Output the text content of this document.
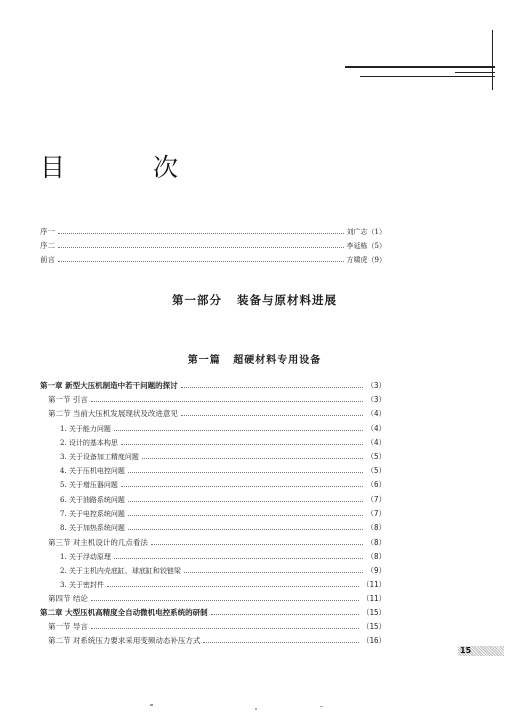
目 次
序一	刘广志（1）
序二	李延栋（5）
前言	方啸虎（9）
第一部分 装备与原材料进展
第一篇 超硬材料专用设备
第一章 新型大压机制造中若干问题的探讨	（3）
第一节 引言	（3）
第二节 当前大压机发展现状及改进意见	（4）
1. 关于能力问题	（4）
2. 设计的基本构思	（4）
3. 关于设备加工精度问题	（5）
4. 关于压机电控问题	（5）
5. 关于增压器问题	（6）
6. 关于油路系统问题	（7）
7. 关于电控系统问题	（7）
8. 关于加热系统问题	（8）
第三节 对主机设计的几点看法	（8）
1. 关于浮动原理	（8）
2. 关于主机内壳底缸、球底缸和铰链梁	（9）
3. 关于密封件	（11）
第四节 结论	（11）
第二章 大型压机高精度全自动微机电控系统的研制	（15）
第一节 导言	（15）
第二节 对系统压力要求采用变频动态补压方式	（16）
15
